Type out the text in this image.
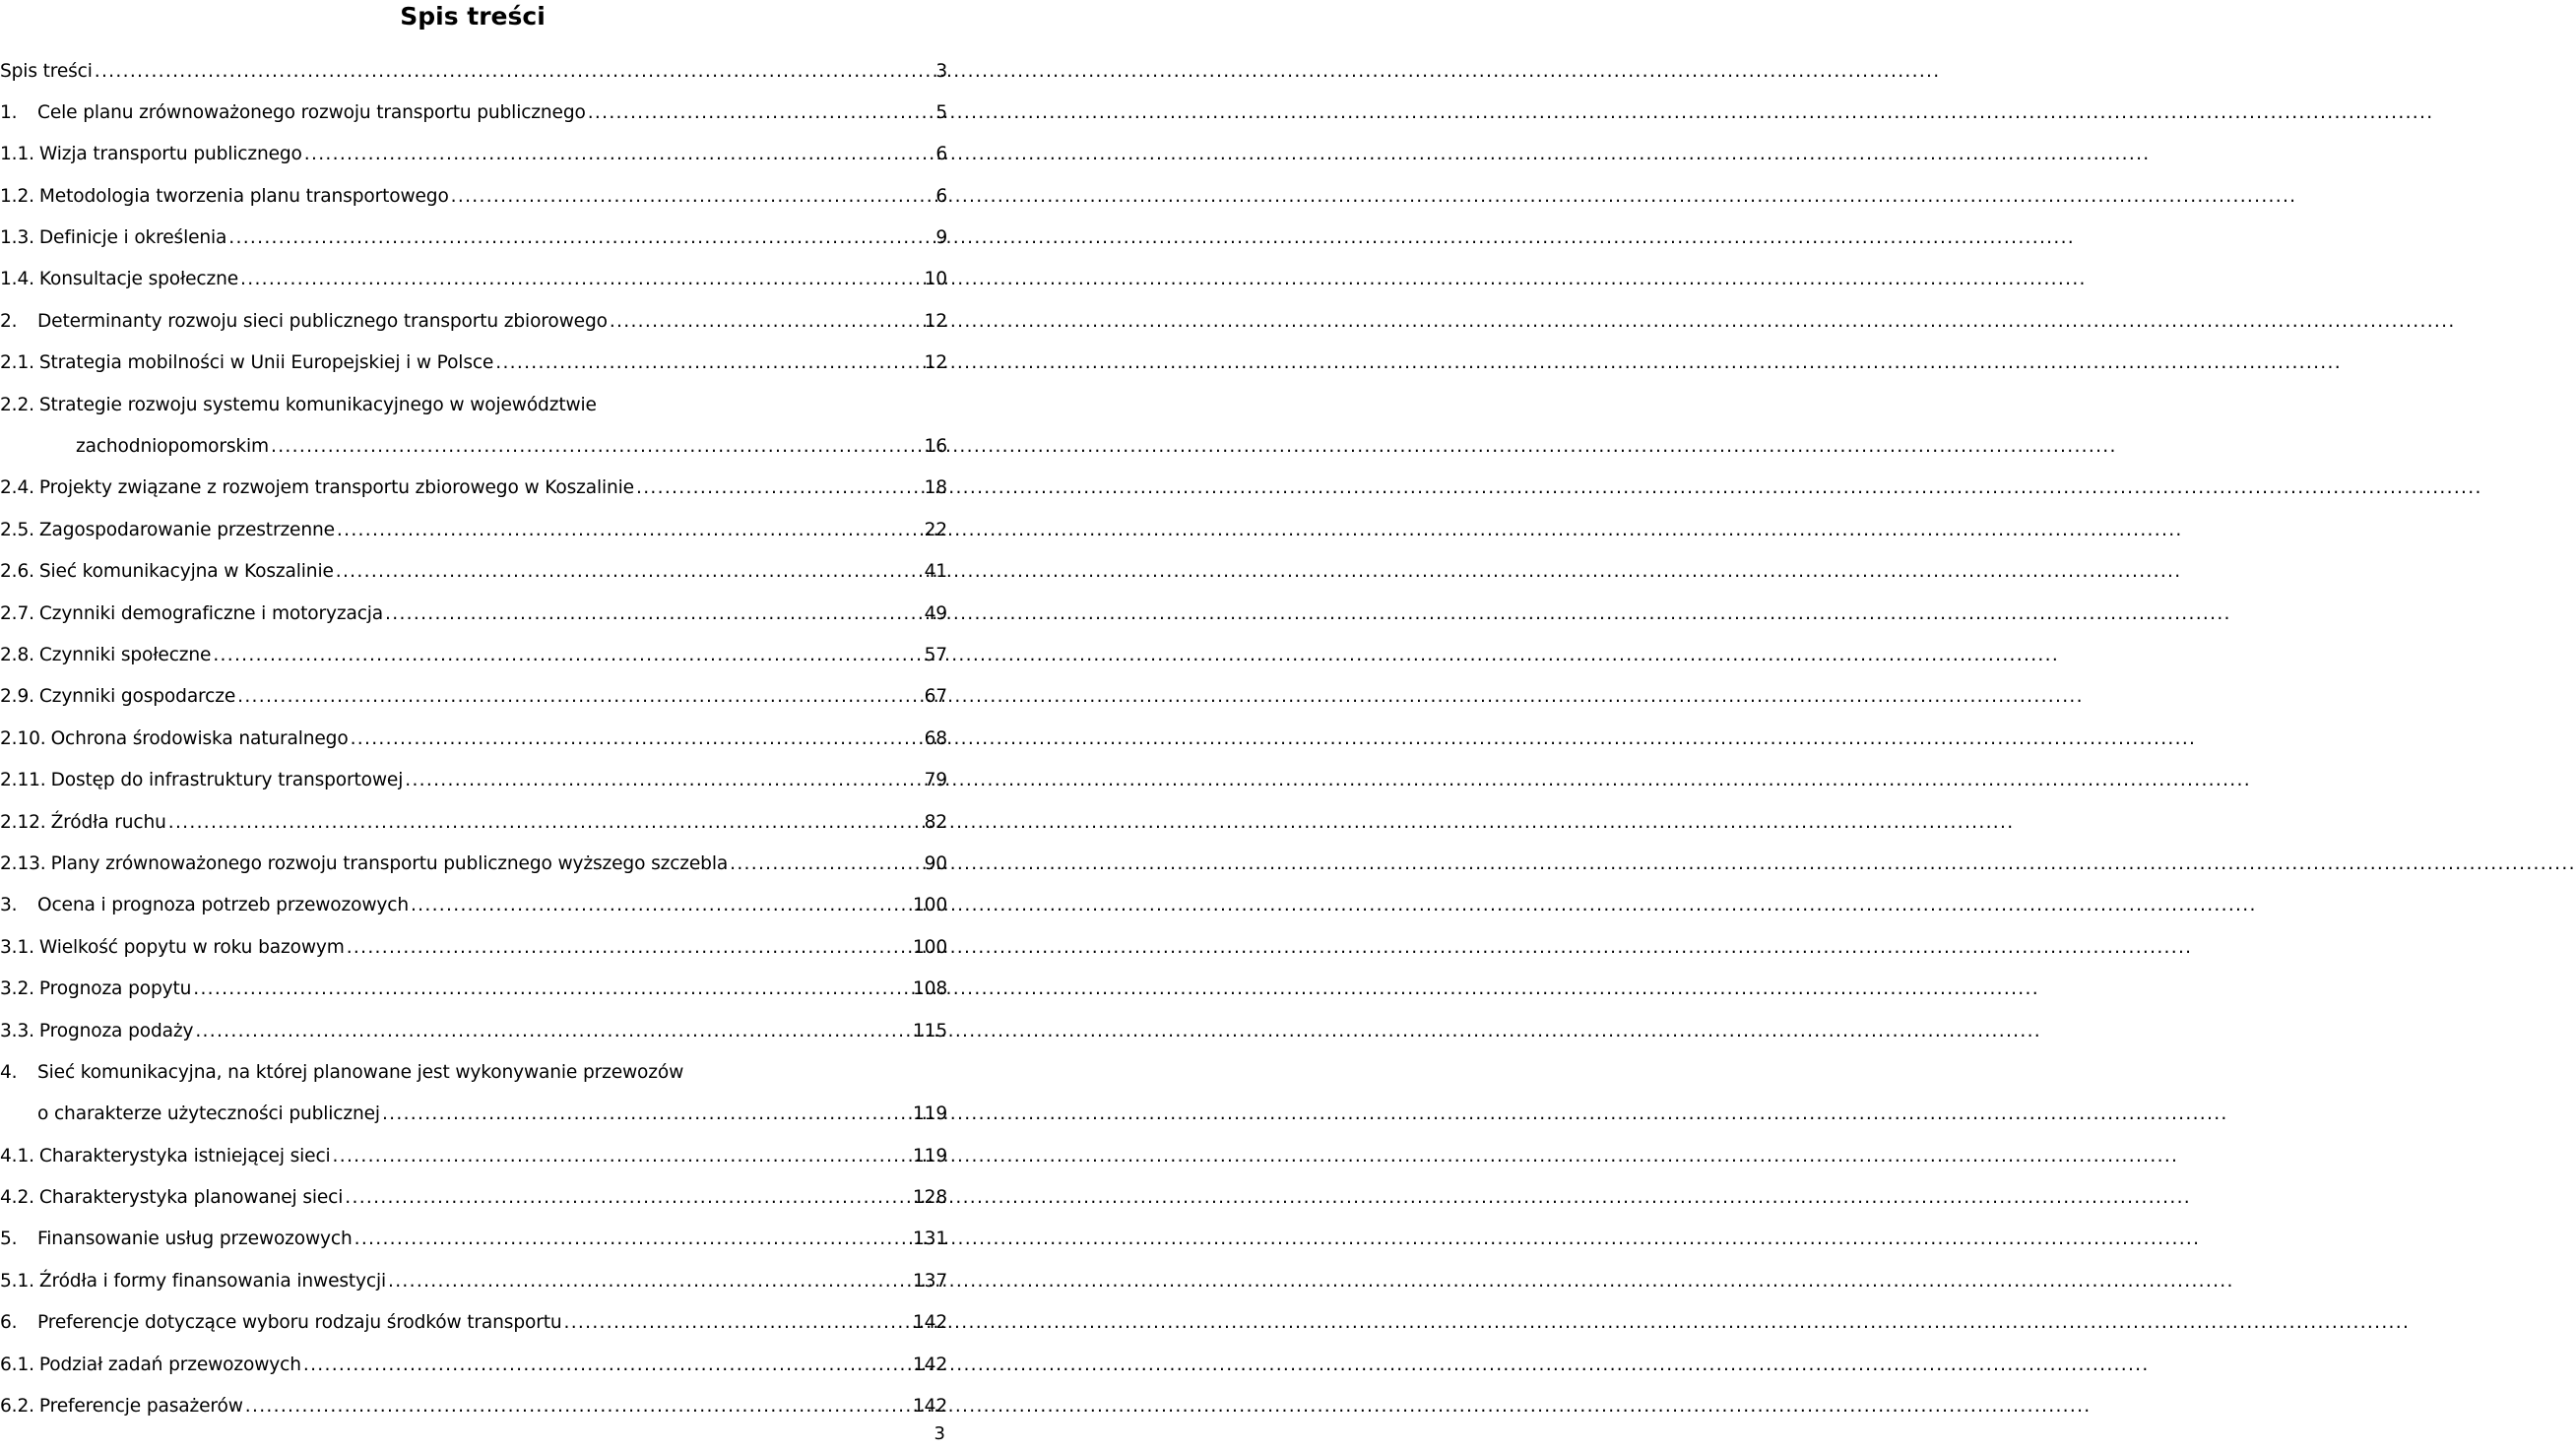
Spis treści
Spis treści .....	3
1.	Cele planu zrównoważonego rozwoju transportu publicznego .....	5
1.1. Wizja transportu publicznego .....	6
1.2. Metodologia tworzenia planu transportowego .....	6
1.3. Definicje i określenia .....	9
1.4. Konsultacje społeczne .....	10
2.	Determinanty rozwoju sieci publicznego transportu zbiorowego .....	12
2.1. Strategia mobilności w Unii Europejskiej i w Polsce .....	12
2.2. Strategie rozwoju systemu komunikacyjnego w województwie
zachodniopomorskim .....	16
2.4. Projekty związane z rozwojem transportu zbiorowego w Koszalinie .....	18
2.5. Zagospodarowanie przestrzenne .....	22
2.6. Sieć komunikacyjna w Koszalinie .....	41
2.7. Czynniki demograficzne i motoryzacja .....	49
2.8. Czynniki społeczne .....	57
2.9. Czynniki gospodarcze .....	67
2.10. Ochrona środowiska naturalnego .....	68
2.11. Dostęp do infrastruktury transportowej .....	79
2.12. Źródła ruchu .....	82
2.13. Plany zrównoważonego rozwoju transportu publicznego wyższego szczebla .....	90
3.	Ocena i prognoza potrzeb przewozowych .....	100
3.1. Wielkość popytu w roku bazowym .....	100
3.2. Prognoza popytu .....	108
3.3. Prognoza podaży .....	115
4.	Sieć komunikacyjna, na której planowane jest wykonywanie przewozów
o charakterze użyteczności publicznej .....	119
4.1. Charakterystyka istniejącej sieci .....	119
4.2. Charakterystyka planowanej sieci .....	128
5.	Finansowanie usług przewozowych .....	131
5.1. Źródła i formy finansowania inwestycji .....	137
6.	Preferencje dotyczące wyboru rodzaju środków transportu .....	142
6.1. Podział zadań przewozowych .....	142
6.2. Preferencje pasażerów .....	142
3
